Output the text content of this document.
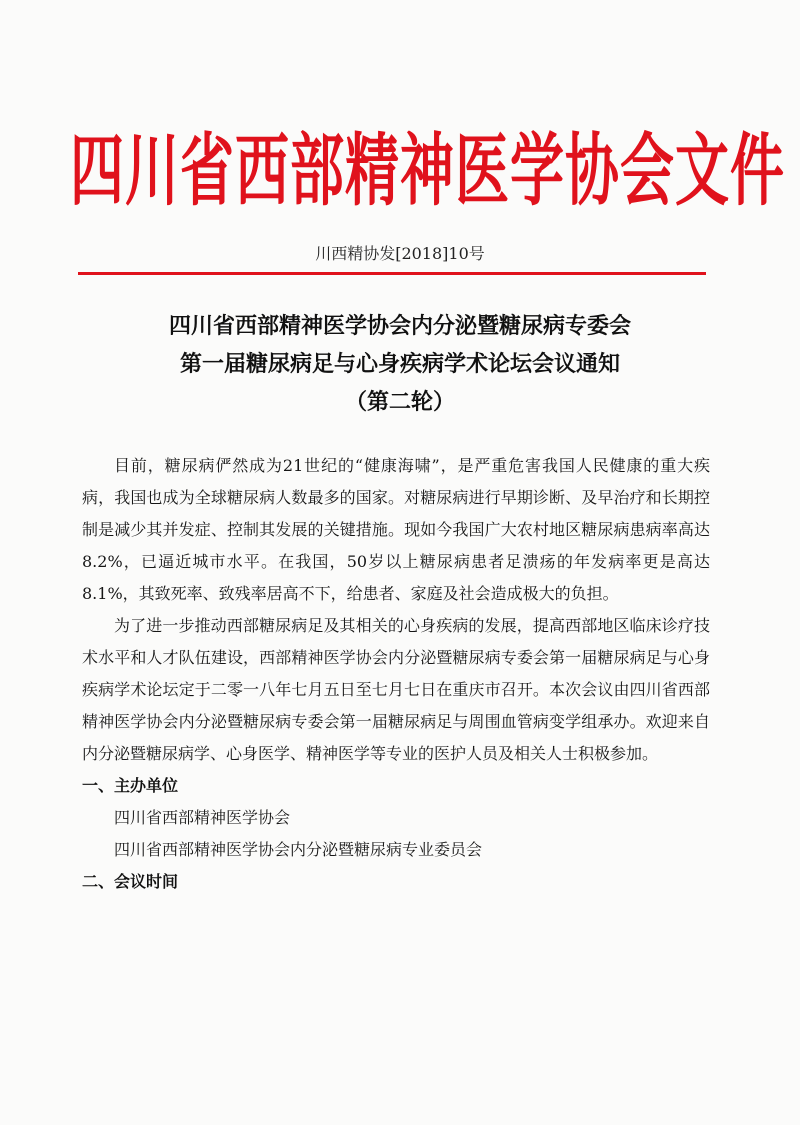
四川省西部精神医学协会文件
川西精协发[2018]10号
四川省西部精神医学协会内分泌暨糖尿病专委会
第一届糖尿病足与心身疾病学术论坛会议通知
（第二轮）

目前，糖尿病俨然成为21世纪的“健康海啸”，是严重危害我国人民健康的重大疾病，我国也成为全球糖尿病人数最多的国家。对糖尿病进行早期诊断、及早治疗和长期控制是减少其并发症、控制其发展的关键措施。现如今我国广大农村地区糖尿病患病率高达8.2%，已逼近城市水平。在我国，50岁以上糖尿病患者足溃疡的年发病率更是高达8.1%，其致死率、致残率居高不下，给患者、家庭及社会造成极大的负担。

为了进一步推动西部糖尿病足及其相关的心身疾病的发展，提高西部地区临床诊疗技术水平和人才队伍建设，西部精神医学协会内分泌暨糖尿病专委会第一届糖尿病足与心身疾病学术论坛定于二零一八年七月五日至七月七日在重庆市召开。本次会议由四川省西部精神医学协会内分泌暨糖尿病专委会第一届糖尿病足与周围血管病变学组承办。欢迎来自内分泌暨糖尿病学、心身医学、精神医学等专业的医护人员及相关人士积极参加。

一、主办单位
四川省西部精神医学协会
四川省西部精神医学协会内分泌暨糖尿病专业委员会
二、会议时间
